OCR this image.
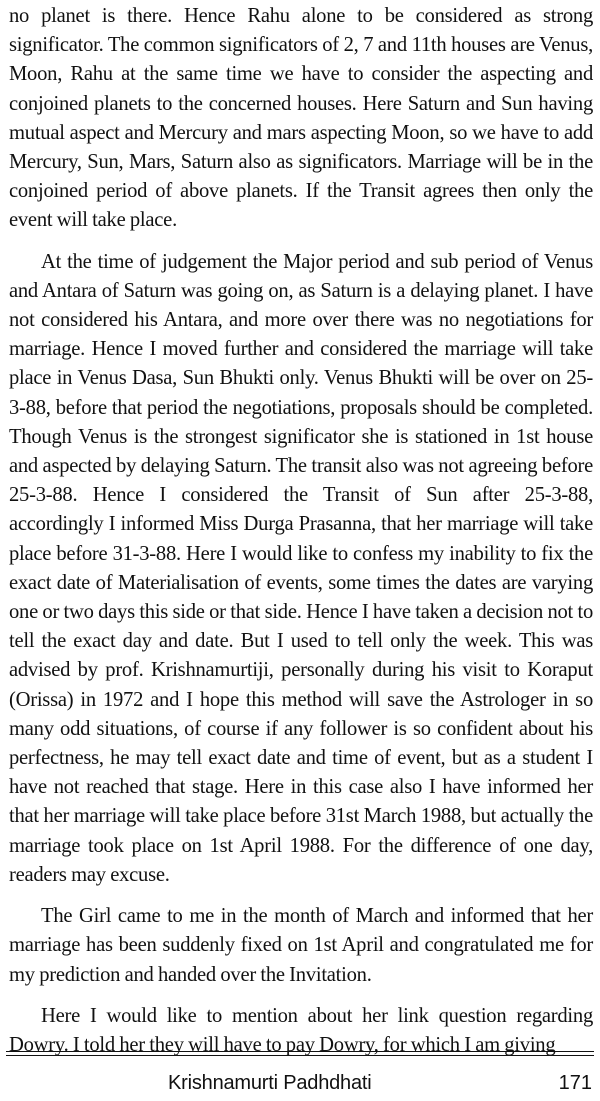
no planet is there. Hence Rahu alone to be considered as strong significator. The common significators of 2, 7 and 11th houses are Venus, Moon, Rahu at the same time we have to consider the aspecting and conjoined planets to the concerned houses. Here Saturn and Sun having mutual aspect and Mercury and mars aspecting Moon, so we have to add Mercury, Sun, Mars, Saturn also as significators. Marriage will be in the conjoined period of above planets. If the Transit agrees then only the event will take place.

At the time of judgement the Major period and sub period of Venus and Antara of Saturn was going on, as Saturn is a delaying planet. I have not considered his Antara, and more over there was no negotiations for marriage. Hence I moved further and considered the marriage will take place in Venus Dasa, Sun Bhukti only. Venus Bhukti will be over on 25-3-88, before that period the negotiations, proposals should be completed. Though Venus is the strongest significator she is stationed in 1st house and aspected by delaying Saturn. The transit also was not agreeing before 25-3-88. Hence I considered the Transit of Sun after 25-3-88, accordingly I informed Miss Durga Prasanna, that her marriage will take place before 31-3-88. Here I would like to confess my inability to fix the exact date of Materialisation of events, some times the dates are varying one or two days this side or that side. Hence I have taken a decision not to tell the exact day and date. But I used to tell only the week. This was advised by prof. Krishnamurtiji, personally during his visit to Koraput (Orissa) in 1972 and I hope this method will save the Astrologer in so many odd situations, of course if any follower is so confident about his perfectness, he may tell exact date and time of event, but as a student I have not reached that stage. Here in this case also I have informed her that her marriage will take place before 31st March 1988, but actually the marriage took place on 1st April 1988. For the difference of one day, readers may excuse.

The Girl came to me in the month of March and informed that her marriage has been suddenly fixed on 1st April and congratulated me for my prediction and handed over the Invitation.

Here I would like to mention about her link question regarding Dowry. I told her they will have to pay Dowry, for which I am giving

Krishnamurti Padhdhati	171
